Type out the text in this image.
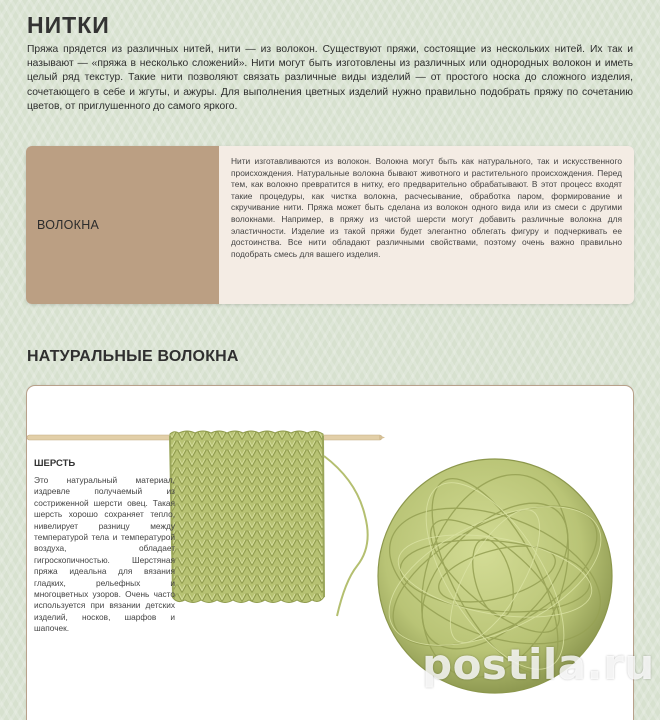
НИТКИ

Пряжа прядется из различных нитей, нити — из волокон. Существуют пряжи, состоящие из нескольких нитей. Их так и называют — «пряжа в несколько сложений». Нити могут быть изготовлены из различных или однородных волокон и иметь целый ряд текстур. Такие нити позволяют связать различные виды изделий — от простого носка до сложного изделия, сочетающего в себе и жгуты, и ажуры. Для выполнения цветных изделий нужно правильно подобрать пряжу по сочетанию цветов, от приглушенного до самого яркого.

ВОЛОКНА

Нити изготавливаются из волокон. Волокна могут быть как натурального, так и искусственного происхождения. Натуральные волокна бывают животного и растительного происхождения. Перед тем, как волокно превратится в нитку, его предварительно обрабатывают. В этот процесс входят такие процедуры, как чистка волокна, расчесывание, обработка паром, формирование и скручивание нити. Пряжа может быть сделана из волокон одного вида или из смеси с другими волокнами. Например, в пряжу из чистой шерсти могут добавить различные волокна для эластичности. Изделие из такой пряжи будет элегантно облегать фигуру и подчеркивать ее достоинства. Все нити обладают различными свойствами, поэтому очень важно правильно подобрать смесь для вашего изделия.

НАТУРАЛЬНЫЕ ВОЛОКНА

ШЕРСТЬ

Это натуральный материал, издревле получаемый из состриженной шерсти овец. Такая шерсть хорошо сохраняет тепло, нивелирует разницу между температурой тела и температурой воздуха, обладает гигроскопичностью. Шерстяная пряжа идеальна для вязания гладких, рельефных и многоцветных узоров. Очень часто используется при вязании детских изделий, носков, шарфов и шапочек.

postila.ru
